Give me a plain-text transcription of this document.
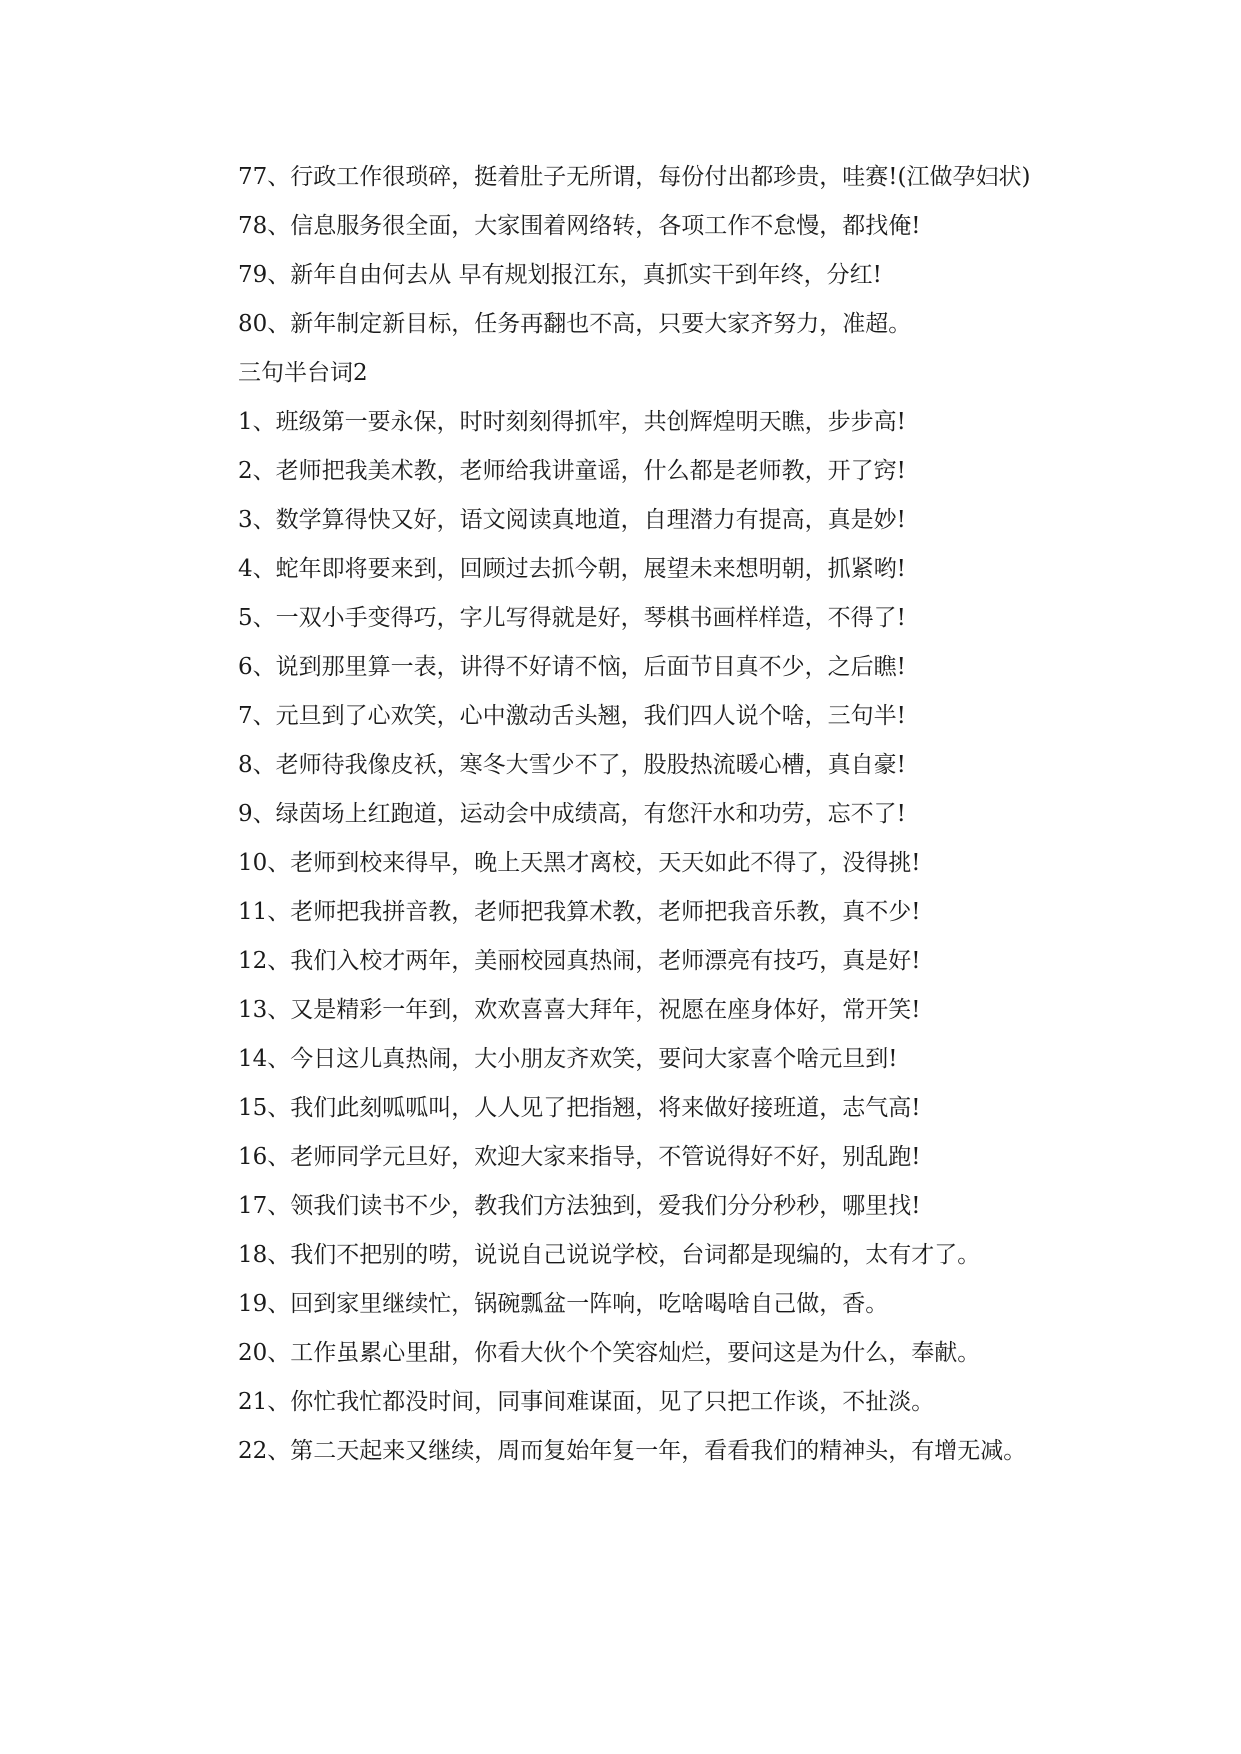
77、行政工作很琐碎，挺着肚子无所谓，每份付出都珍贵，哇赛!(江做孕妇状)

78、信息服务很全面，大家围着网络转，各项工作不怠慢，都找俺!

79、新年自由何去从 早有规划报江东，真抓实干到年终，分红!

80、新年制定新目标，任务再翻也不高，只要大家齐努力，准超。

三句半台词2

1、班级第一要永保，时时刻刻得抓牢，共创辉煌明天瞧，步步高!

2、老师把我美术教，老师给我讲童谣，什么都是老师教，开了窍!

3、数学算得快又好，语文阅读真地道，自理潜力有提高，真是妙!

4、蛇年即将要来到，回顾过去抓今朝，展望未来想明朝，抓紧哟!

5、一双小手变得巧，字儿写得就是好，琴棋书画样样造，不得了!

6、说到那里算一表，讲得不好请不恼，后面节目真不少，之后瞧!

7、元旦到了心欢笑，心中激动舌头翘，我们四人说个啥，三句半!

8、老师待我像皮袄，寒冬大雪少不了，股股热流暖心槽，真自豪!

9、绿茵场上红跑道，运动会中成绩高，有您汗水和功劳，忘不了!

10、老师到校来得早，晚上天黑才离校，天天如此不得了，没得挑!

11、老师把我拼音教，老师把我算术教，老师把我音乐教，真不少!

12、我们入校才两年，美丽校园真热闹，老师漂亮有技巧，真是好!

13、又是精彩一年到，欢欢喜喜大拜年，祝愿在座身体好，常开笑!

14、今日这儿真热闹，大小朋友齐欢笑，要问大家喜个啥元旦到!

15、我们此刻呱呱叫，人人见了把指翘，将来做好接班道，志气高!

16、老师同学元旦好，欢迎大家来指导，不管说得好不好，别乱跑!

17、领我们读书不少，教我们方法独到，爱我们分分秒秒，哪里找!

18、我们不把别的唠，说说自己说说学校，台词都是现编的，太有才了。

19、回到家里继续忙，锅碗瓢盆一阵响，吃啥喝啥自己做，香。

20、工作虽累心里甜，你看大伙个个笑容灿烂，要问这是为什么，奉献。

21、你忙我忙都没时间，同事间难谋面，见了只把工作谈，不扯淡。

22、第二天起来又继续，周而复始年复一年，看看我们的精神头，有增无减。
